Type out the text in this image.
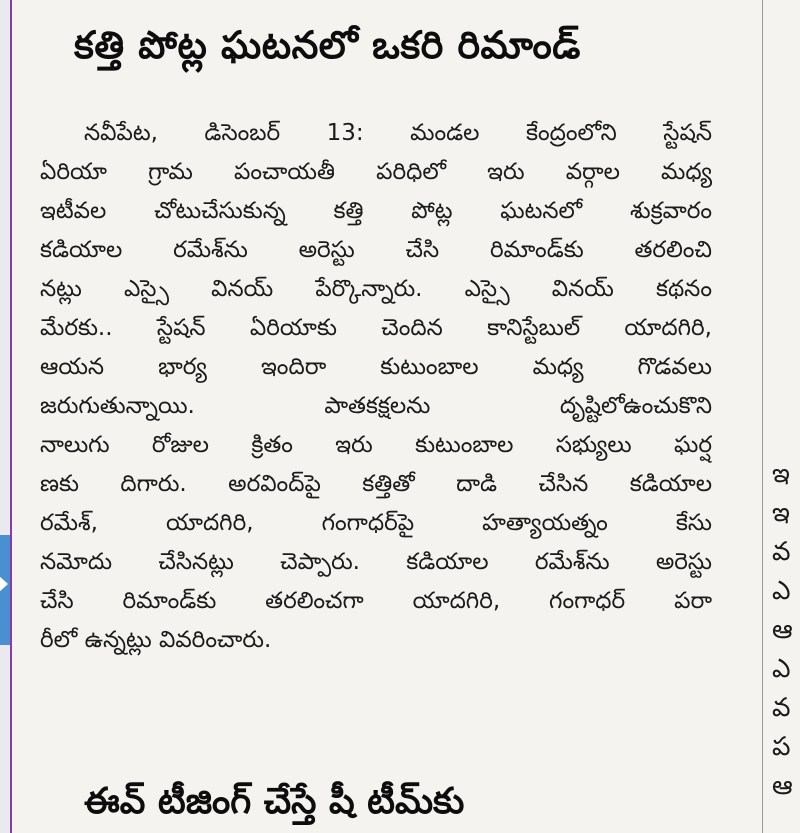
ఇ
ఇ
వ
ఎ
ఆ
ఎ
వ
ప
ఆ
కత్తి పోట్ల ఘటనలో ఒకరి రిమాండ్
నవీపేట, డిసెంబర్ 13: మండల కేంద్రంలోని స్టేషన్
ఏరియా గ్రామ పంచాయతీ పరిధిలో ఇరు వర్గాల మధ్య
ఇటీవల చోటుచేసుకున్న కత్తి పోట్ల ఘటనలో శుక్రవారం
కడియాల రమేశ్‌ను అరెస్టు చేసి రిమాండ్‌కు తరలించి
నట్లు ఎస్సై వినయ్ పేర్కొన్నారు. ఎస్సై వినయ్ కథనం
మేరకు.. స్టేషన్ ఏరియాకు చెందిన కానిస్టేబుల్ యాదగిరి,
ఆయన భార్య ఇందిరా కుటుంబాల మధ్య గొడవలు
జరుగుతున్నాయి. పాతకక్షలను దృష్టిలోఉంచుకొని
నాలుగు రోజుల క్రితం ఇరు కుటుంబాల సభ్యులు ఘర్ష
ణకు దిగారు. అరవింద్‌పై కత్తితో దాడి చేసిన కడియాల
రమేశ్, యాదగిరి, గంగాధర్‌పై హత్యాయత్నం కేసు
నమోదు చేసినట్లు చెప్పారు. కడియాల రమేశ్‌ను అరెస్టు
చేసి రిమాండ్‌కు తరలించగా యాదగిరి, గంగాధర్ పరా
రీలో ఉన్నట్లు వివరించారు.
ఈవ్ టీజింగ్ చేస్తే షీ టీమ్‌కు
